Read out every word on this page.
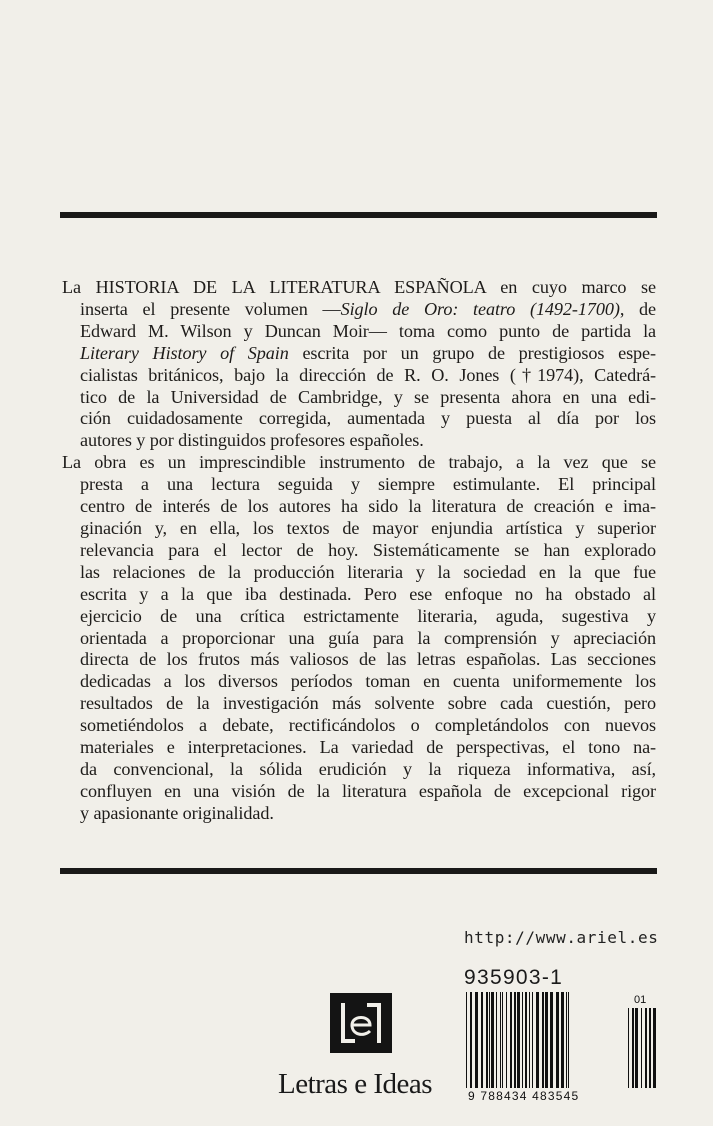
La HISTORIA DE LA LITERATURA ESPAÑOLA en cuyo marco se
inserta el presente volumen —Siglo de Oro: teatro (1492-1700), de
Edward M. Wilson y Duncan Moir— toma como punto de partida la
Literary History of Spain escrita por un grupo de prestigiosos espe-
cialistas británicos, bajo la dirección de R. O. Jones (†1974), Catedrá-
tico de la Universidad de Cambridge, y se presenta ahora en una edi-
ción cuidadosamente corregida, aumentada y puesta al día por los
autores y por distinguidos profesores españoles.
La obra es un imprescindible instrumento de trabajo, a la vez que se
presta a una lectura seguida y siempre estimulante. El principal
centro de interés de los autores ha sido la literatura de creación e ima-
ginación y, en ella, los textos de mayor enjundia artística y superior
relevancia para el lector de hoy. Sistemáticamente se han explorado
las relaciones de la producción literaria y la sociedad en la que fue
escrita y a la que iba destinada. Pero ese enfoque no ha obstado al
ejercicio de una crítica estrictamente literaria, aguda, sugestiva y
orientada a proporcionar una guía para la comprensión y apreciación
directa de los frutos más valiosos de las letras españolas. Las secciones
dedicadas a los diversos períodos toman en cuenta uniformemente los
resultados de la investigación más solvente sobre cada cuestión, pero
sometiéndolos a debate, rectificándolos o completándolos con nuevos
materiales e interpretaciones. La variedad de perspectivas, el tono na-
da convencional, la sólida erudición y la riqueza informativa, así,
confluyen en una visión de la literatura española de excepcional rigor
y apasionante originalidad.
http://www.ariel.es
935903-1
Letras e Ideas
01
9 788434 483545
